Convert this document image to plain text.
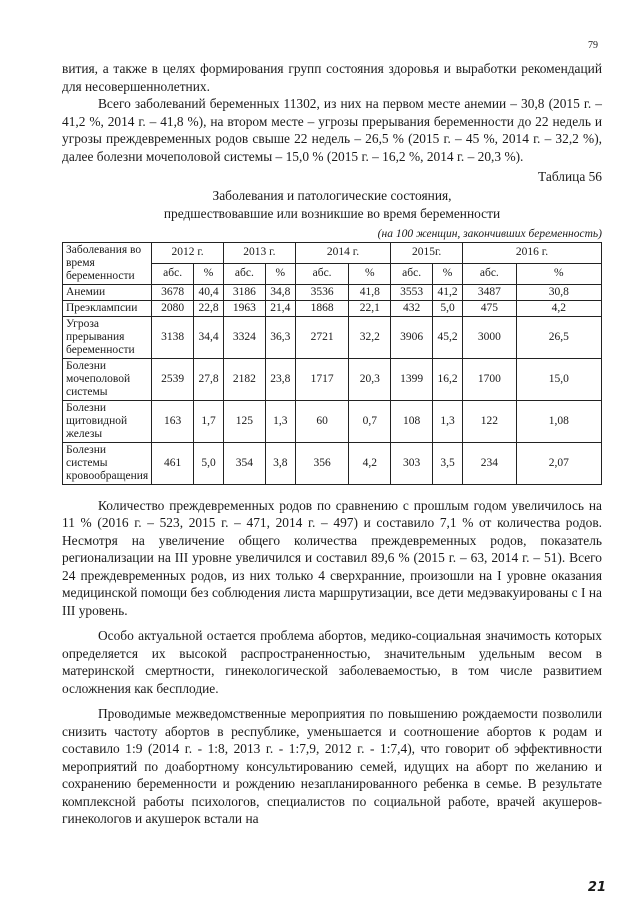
79

вития, а также в целях формирования групп состояния здоровья и выработки рекомендаций для несовершеннолетних.

Всего заболеваний беременных 11302, из них на первом месте анемии – 30,8 (2015 г. – 41,2 %, 2014 г. – 41,8 %), на втором месте – угрозы прерывания беременности до 22 недель и угрозы преждевременных родов свыше 22 недель – 26,5 % (2015 г. – 45 %, 2014 г. – 32,2 %), далее болезни мочеполовой системы – 15,0 % (2015 г. – 16,2 %, 2014 г. – 20,3 %).

Таблица 56

Заболевания и патологические состояния,

предшествовавшие или возникшие во время беременности

(на 100 женщин, закончивших беременность)

Заболевания во время беременности	2012 г.		2013 г.		2014 г.		2015г.		2016 г.	
	абс.	%	абс.	%	абс.	%	абс.	%	абс.	%
Анемии	3678	40,4	3186	34,8	3536	41,8	3553	41,2	3487	30,8
Преэклампсии	2080	22,8	1963	21,4	1868	22,1	432	5,0	475	4,2
Угроза прерывания беременности	3138	34,4	3324	36,3	2721	32,2	3906	45,2	3000	26,5
Болезни мочеполовой системы	2539	27,8	2182	23,8	1717	20,3	1399	16,2	1700	15,0
Болезни щитовидной железы	163	1,7	125	1,3	60	0,7	108	1,3	122	1,08
Болезни системы кровообращения	461	5,0	354	3,8	356	4,2	303	3,5	234	2,07

Количество преждевременных родов по сравнению с прошлым годом увеличилось на 11 % (2016 г. – 523, 2015 г. – 471, 2014 г. – 497) и составило 7,1 % от количества родов. Несмотря на увеличение общего количества преждевременных родов, показатель регионализации на III уровне увеличился и составил 89,6 % (2015 г. – 63, 2014 г. – 51). Всего 24 преждевременных родов, из них только 4 сверхранние, произошли на I уровне оказания медицинской помощи без соблюдения листа маршрутизации, все дети медэвакуированы с I на III уровень.

Особо актуальной остается проблема абортов, медико-социальная значимость которых определяется их высокой распространенностью, значительным удельным весом в материнской смертности, гинекологической заболеваемостью, в том числе развитием осложнения как бесплодие.

Проводимые межведомственные мероприятия по повышению рождаемости позволили снизить частоту абортов в республике, уменьшается и соотношение абортов к родам и составило 1:9 (2014 г. - 1:8, 2013 г. - 1:7,9, 2012 г. - 1:7,4), что говорит об эффективности мероприятий по доабортному консультированию семей, идущих на аборт по желанию и сохранению беременности и рождению незапланированного ребенка в семье. В результате комплексной работы психологов, специалистов по социальной работе, врачей акушеров-гинекологов и акушерок встали на

21
